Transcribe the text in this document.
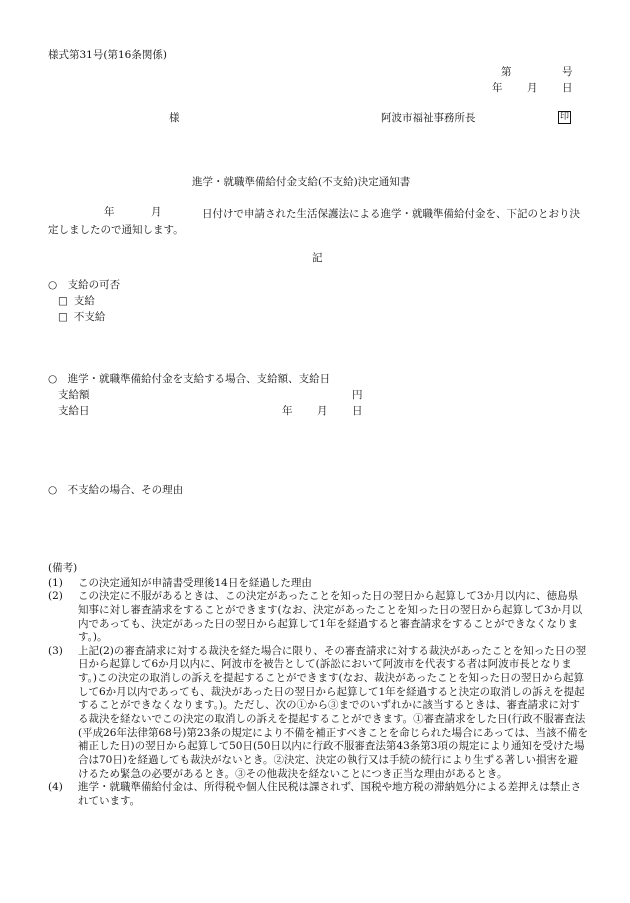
様式第31号(第16条関係)
第	号
年 月 日
様	阿波市福祉事務所長	印
進学・就職準備給付金支給(不支給)決定通知書
年	月	日付けで申請された生活保護法による進学・就職準備給付金を、下記のとおり決定しましたので通知します。
記
○　支給の可否
□ 支給
□ 不支給
○　進学・就職準備給付金を支給する場合、支給額、支給日
支給額	円
支給日	年 月 日
○　不支給の場合、その理由
(備考)
(1)	この決定通知が申請書受理後14日を経過した理由
(2)	この決定に不服があるときは、この決定があったことを知った日の翌日から起算して3か月以内に、徳島県知事に対し審査請求をすることができます(なお、決定があったことを知った日の翌日から起算して3か月以内であっても、決定があった日の翌日から起算して1年を経過すると審査請求をすることができなくなります。)。
(3)	上記(2)の審査請求に対する裁決を経た場合に限り、その審査請求に対する裁決があったことを知った日の翌日から起算して6か月以内に、阿波市を被告として(訴訟において阿波市を代表する者は阿波市長となります。)この決定の取消しの訴えを提起することができます(なお、裁決があったことを知った日の翌日から起算して6か月以内であっても、裁決があった日の翌日から起算して1年を経過すると決定の取消しの訴えを提起することができなくなります。)。ただし、次の①から③までのいずれかに該当するときは、審査請求に対する裁決を経ないでこの決定の取消しの訴えを提起することができます。①審査請求をした日(行政不服審査法(平成26年法律第68号)第23条の規定により不備を補正すべきことを命じられた場合にあっては、当該不備を補正した日)の翌日から起算して50日(50日以内に行政不服審査法第43条第3項の規定により通知を受けた場合は70日)を経過しても裁決がないとき。②決定、決定の執行又は手続の続行により生ずる著しい損害を避けるため緊急の必要があるとき。③その他裁決を経ないことにつき正当な理由があるとき。
(4)	進学・就職準備給付金は、所得税や個人住民税は課されず、国税や地方税の滞納処分による差押えは禁止されています。
